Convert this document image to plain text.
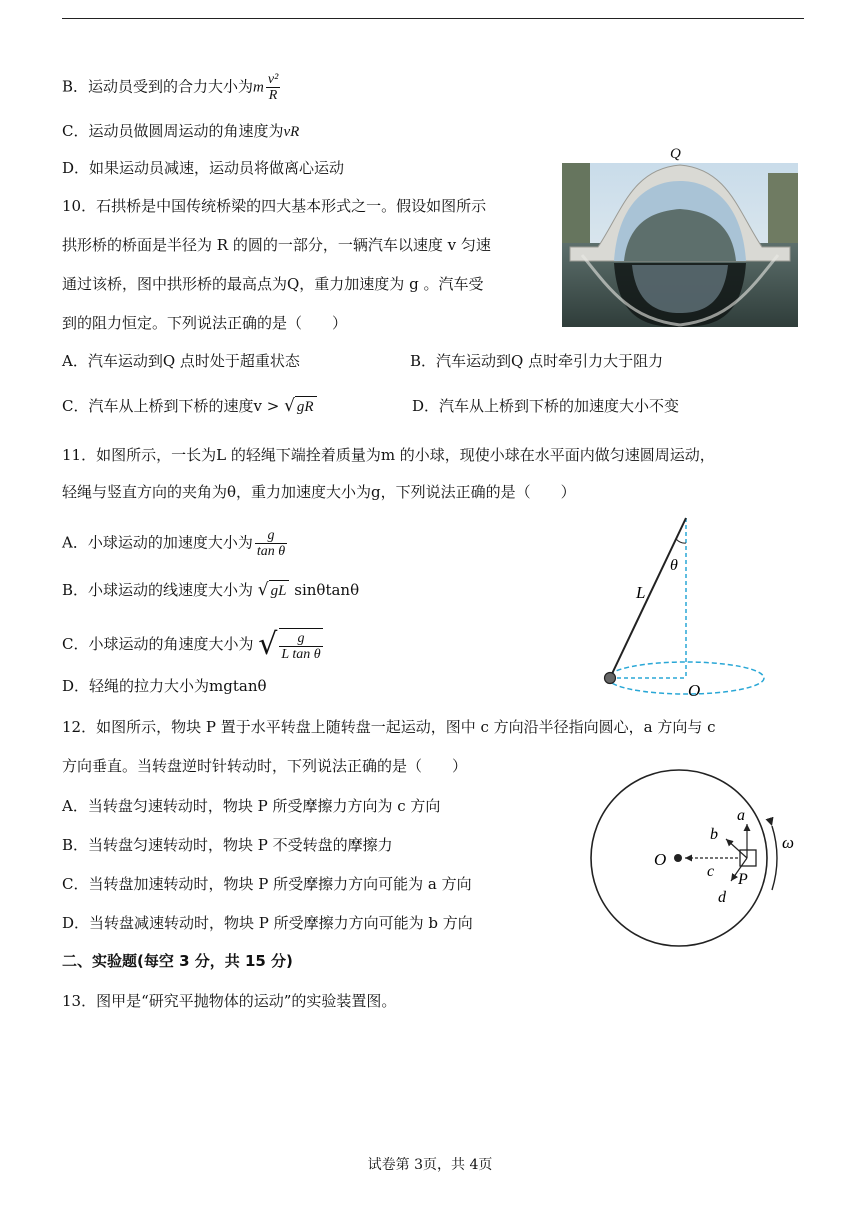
B．运动员受到的合力大小为m $\frac{\text{v²}}{R}$
C．运动员做圆周运动的角速度为vR
D．如果运动员减速，运动员将做离心运动
10．石拱桥是中国传统桥梁的四大基本形式之一。假设如图所示
拱形桥的桥面是半径为 R 的圆的一部分，一辆汽车以速度 v 匀速
通过该桥，图中拱形桥的最高点为Q，重力加速度为 g 。汽车受
到的阻力恒定。下列说法正确的是（　　）
Q
A．汽车运动到Q 点时处于超重状态	B．汽车运动到Q 点时牵引力大于阻力
C．汽车从上桥到下桥的速度v > √ gR	D．汽车从上桥到下桥的加速度大小不变
11．如图所示，一长为L 的轻绳下端拴着质量为m 的小球，现使小球在水平面内做匀速圆周运动，
轻绳与竖直方向的夹角为θ，重力加速度大小为g，下列说法正确的是（　　）
A．小球运动的加速度大小为 $\frac{g}{\text{tan θ}}$
B．小球运动的线速度大小为 √ gL sinθtanθ
C．小球运动的角速度大小为 √ $\frac{g}{\text{L tan θ}}$
D．轻绳的拉力大小为mgtanθ
θ
L
O
12．如图所示，物块 P 置于水平转盘上随转盘一起运动，图中 c 方向沿半径指向圆心，a 方向与 c
方向垂直。当转盘逆时针转动时，下列说法正确的是（　　）
A．当转盘匀速转动时，物块 P 所受摩擦力方向为 c 方向
B．当转盘匀速转动时，物块 P 不受转盘的摩擦力
C．当转盘加速转动时，物块 P 所受摩擦力方向可能为 a 方向
D．当转盘减速转动时，物块 P 所受摩擦力方向可能为 b 方向
O
a
b
c
d
P
ω
二、实验题(每空 3 分，共 15 分)
13．图甲是“研究平抛物体的运动”的实验装置图。
试卷第 3页，共 4页
